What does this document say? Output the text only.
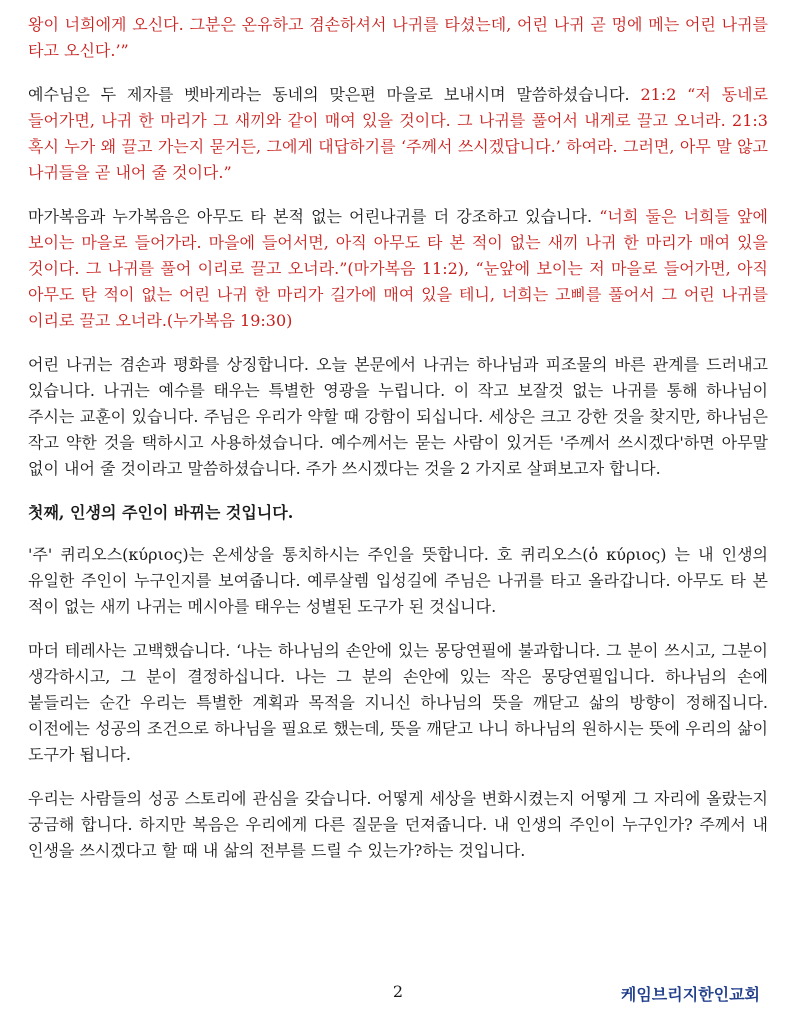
왕이 너희에게 오신다. 그분은 온유하고 겸손하셔서 나귀를 타셨는데, 어린 나귀 곧 멍에 메는 어린 나귀를 타고 오신다.’”

예수님은 두 제자를 벳바게라는 동네의 맞은편 마을로 보내시며 말씀하셨습니다. 21:2 “저 동네로 들어가면, 나귀 한 마리가 그 새끼와 같이 매여 있을 것이다. 그 나귀를 풀어서 내게로 끌고 오너라. 21:3 혹시 누가 왜 끌고 가는지 묻거든, 그에게 대답하기를 ‘주께서 쓰시겠답니다.’ 하여라. 그러면, 아무 말 않고 나귀들을 곧 내어 줄 것이다.”

마가복음과 누가복음은 아무도 타 본적 없는 어린나귀를 더 강조하고 있습니다. “너희 둘은 너희들 앞에 보이는 마을로 들어가라. 마을에 들어서면, 아직 아무도 타 본 적이 없는 새끼 나귀 한 마리가 매여 있을 것이다. 그 나귀를 풀어 이리로 끌고 오너라.”(마가복음 11:2), “눈앞에 보이는 저 마을로 들어가면, 아직 아무도 탄 적이 없는 어린 나귀 한 마리가 길가에 매여 있을 테니, 너희는 고삐를 풀어서 그 어린 나귀를 이리로 끌고 오너라.(누가복음 19:30)

어린 나귀는 겸손과 평화를 상징합니다. 오늘 본문에서 나귀는 하나님과 피조물의 바른 관계를 드러내고 있습니다. 나귀는 예수를 태우는 특별한 영광을 누립니다. 이 작고 보잘것 없는 나귀를 통해 하나님이 주시는 교훈이 있습니다. 주님은 우리가 약할 때 강함이 되십니다. 세상은 크고 강한 것을 찾지만, 하나님은 작고 약한 것을 택하시고 사용하셨습니다. 예수께서는 묻는 사람이 있거든 '주께서 쓰시겠다'하면 아무말 없이 내어 줄 것이라고 말씀하셨습니다. 주가 쓰시겠다는 것을 2 가지로 살펴보고자 합니다.

첫째, 인생의 주인이 바뀌는 것입니다.

'주' 퀴리오스(κύριος)는 온세상을 통치하시는 주인을 뜻합니다. 호 퀴리오스(ὁ κύριος) 는 내 인생의 유일한 주인이 누구인지를 보여줍니다. 예루살렘 입성길에 주님은 나귀를 타고 올라갑니다. 아무도 타 본 적이 없는 새끼 나귀는 메시아를 태우는 성별된 도구가 된 것십니다.

마더 테레사는 고백했습니다. ‘나는 하나님의 손안에 있는 몽당연필에 불과합니다. 그 분이 쓰시고, 그분이 생각하시고, 그 분이 결정하십니다. 나는 그 분의 손안에 있는 작은 몽당연필입니다. 하나님의 손에 붙들리는 순간 우리는 특별한 계획과 목적을 지니신 하나님의 뜻을 깨닫고 삶의 방향이 정해집니다. 이전에는 성공의 조건으로 하나님을 필요로 했는데, 뜻을 깨닫고 나니 하나님의 원하시는 뜻에 우리의 삶이 도구가 됩니다.

우리는 사람들의 성공 스토리에 관심을 갖습니다. 어떻게 세상을 변화시켰는지 어떻게 그 자리에 올랐는지 궁금해 합니다. 하지만 복음은 우리에게 다른 질문을 던져줍니다. 내 인생의 주인이 누구인가? 주께서 내 인생을 쓰시겠다고 할 때 내 삶의 전부를 드릴 수 있는가?하는 것입니다.

2	케임브리지한인교회
